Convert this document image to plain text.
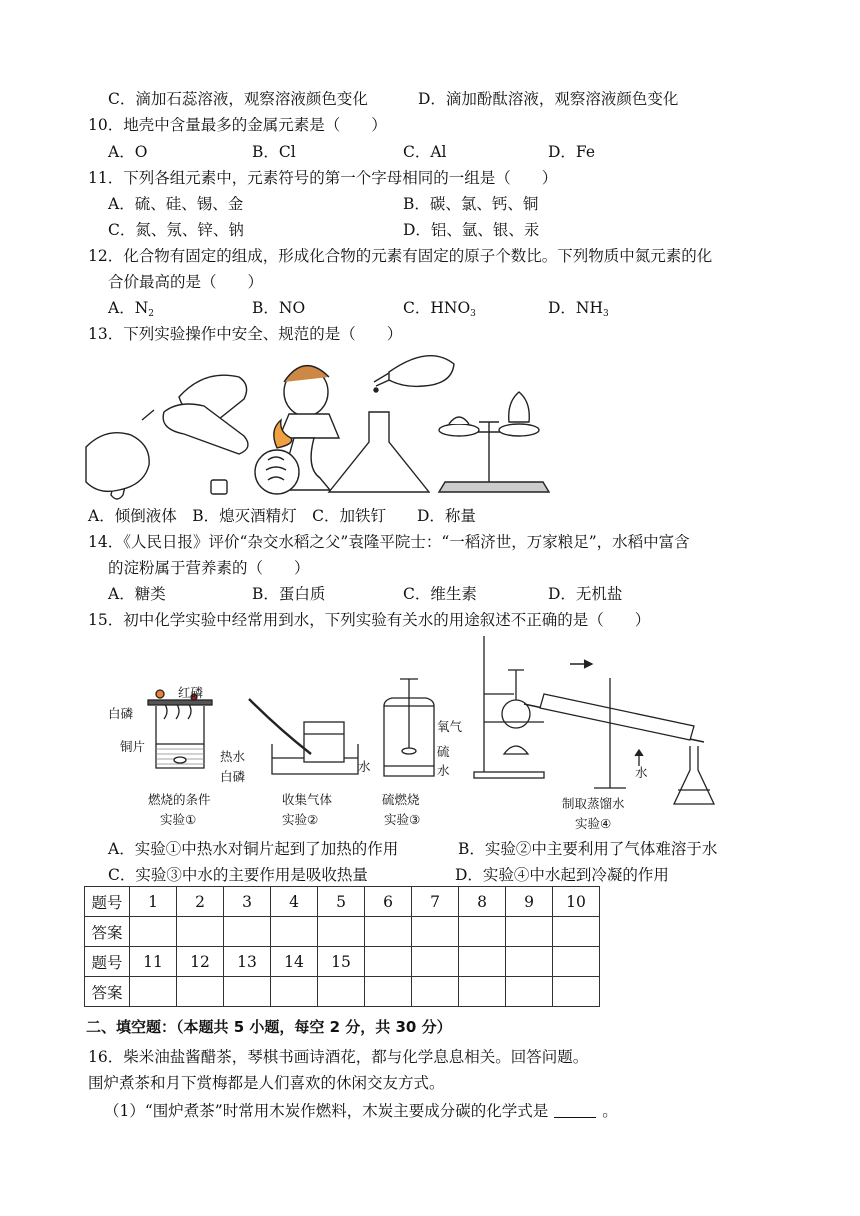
C．滴加石蕊溶液，观察溶液颜色变化	D．滴加酚酞溶液，观察溶液颜色变化
10．地壳中含量最多的金属元素是（　　）
A．O	B．Cl	C．Al	D．Fe
11．下列各组元素中，元素符号的第一个字母相同的一组是（　　）
A．硫、硅、锡、金	B．碳、氯、钙、铜
C．氮、氖、锌、钠	D．铝、氩、银、汞
12．化合物有固定的组成，形成化合物的元素有固定的原子个数比。下列物质中氮元素的化
合价最高的是（　　）
A．$N_2$	B．NO	C．$HNO_3$	D．$NH_3$
13．下列实验操作中安全、规范的是（　　）
A．倾倒液体　B．熄灭酒精灯　C．加铁钉　　D．称量
14．《人民日报》评价“杂交水稻之父”袁隆平院士：“一稻济世，万家粮足”，水稻中富含
的淀粉属于营养素的（　　）
A．糖类	B．蛋白质	C．维生素	D．无机盐
15．初中化学实验中经常用到水，下列实验有关水的用途叙述不正确的是（　　）
红磷
白磷
铜片
热水
白磷
燃烧的条件
实验①
水
收集气体
实验②
氧气
硫
水
硫燃烧
实验③
水
制取蒸馏水
实验④
A．实验①中热水对铜片起到了加热的作用	B．实验②中主要利用了气体难溶于水
C．实验③中水的主要作用是吸收热量	D．实验④中水起到冷凝的作用
题号	1	2	3	4	5	6	7	8	9	10
答案										
题号	11	12	13	14	15					
答案										
二、填空题：（本题共 5 小题，每空 2 分，共 30 分）
16．柴米油盐酱醋茶，琴棋书画诗酒花，都与化学息息相关。回答问题。
围炉煮茶和月下赏梅都是人们喜欢的休闲交友方式。
（1）“围炉煮茶”时常用木炭作燃料，木炭主要成分碳的化学式是	。
